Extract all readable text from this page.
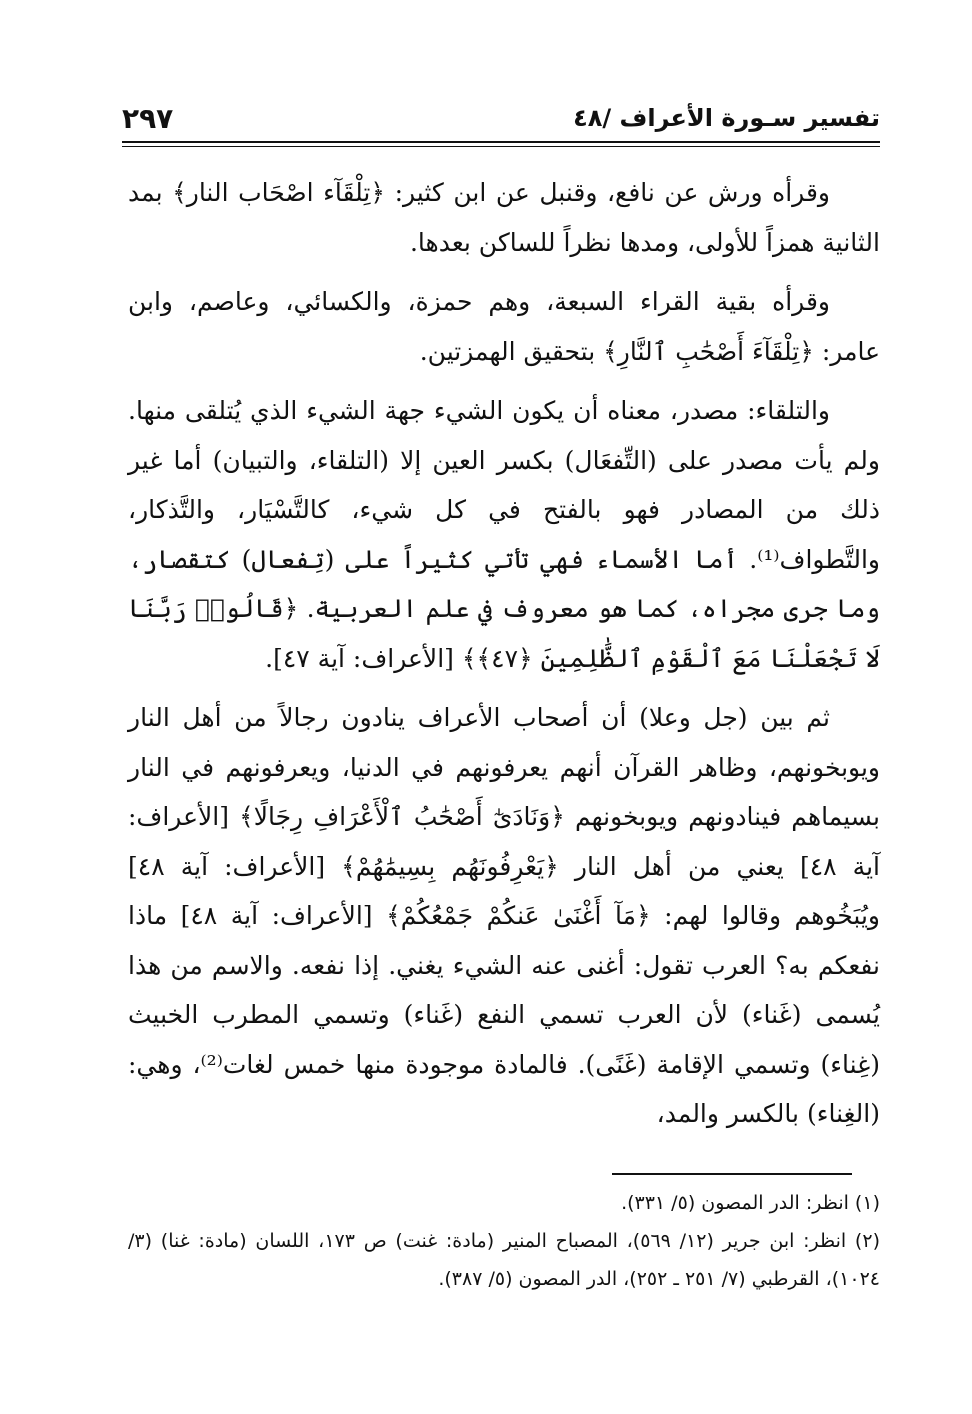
٢٩٧	تفسير سـورة الأعراف /٤٨

وقرأه ورش عن نافع، وقنبل عن ابن كثير: ﴿تِلْقَآء اصْحَاب النار﴾ بمد الثانية همزاً للأولى، ومدها نظراً للساكن بعدها.

وقرأه بقية القراء السبعة، وهم حمزة، والكسائي، وعاصم، وابن عامر: ﴿تِلْقَآءَ أَصْحَٰبِ ٱلنَّارِ﴾ بتحقيق الهمزتين.

والتلقاء: مصدر، معناه أن يكون الشيء جهة الشيء الذي يُتلقى منها. ولم يأت مصدر على (التِّفعَال) بكسر العين إلا (التلقاء، والتبيان) أما غير ذلك من المصادر فهو بالفتح في كل شيء، كالتَّسْيَار، والتَّذكار، والتَّطواف⁽¹⁾. أما الأسماء فهي تأتي كثيراً على (تِفعال) كتقصار، وما جرى مجراه، كما هو معروف في علم العربية. ﴿قَالُوا۟ رَبَّنَا لَا تَجْعَلْنَا مَعَ ٱلْقَوْمِ ٱلظَّٰلِمِينَ ﴿٤٧﴾﴾ [الأعراف: آية ٤٧].

ثم بين (جل وعلا) أن أصحاب الأعراف ينادون رجالاً من أهل النار ويوبخونهم، وظاهر القرآن أنهم يعرفونهم في الدنيا، ويعرفونهم في النار بسيماهم فينادونهم ويوبخونهم ﴿وَنَادَىٰٓ أَصْحَٰبُ ٱلْأَعْرَافِ رِجَالًا﴾ [الأعراف: آية ٤٨] يعني من أهل النار ﴿يَعْرِفُونَهُم بِسِيمَٰهُمْ﴾ [الأعراف: آية ٤٨] ويُبَخُوهم وقالوا لهم: ﴿مَآ أَغْنَىٰ عَنكُمْ جَمْعُكُمْ﴾ [الأعراف: آية ٤٨] ماذا نفعكم به؟ العرب تقول: أغنى عنه الشيء يغني. إذا نفعه. والاسم من هذا يُسمى (غَناء) لأن العرب تسمي النفع (غَناء) وتسمي المطرب الخبيث (غِناء) وتسمي الإقامة (غَنًى). فالمادة موجودة منها خمس لغات⁽²⁾، وهي: (الغِناء) بالكسر والمد،

(١) انظر: الدر المصون (٥/ ٣٣١).

(٢) انظر: ابن جرير (١٢/ ٥٦٩)، المصباح المنير (مادة: غنت) ص ١٧٣، اللسان (مادة: غنا) (٣/ ١٠٢٤)، القرطبي (٧/ ٢٥١ ـ ٢٥٢)، الدر المصون (٥/ ٣٨٧).
